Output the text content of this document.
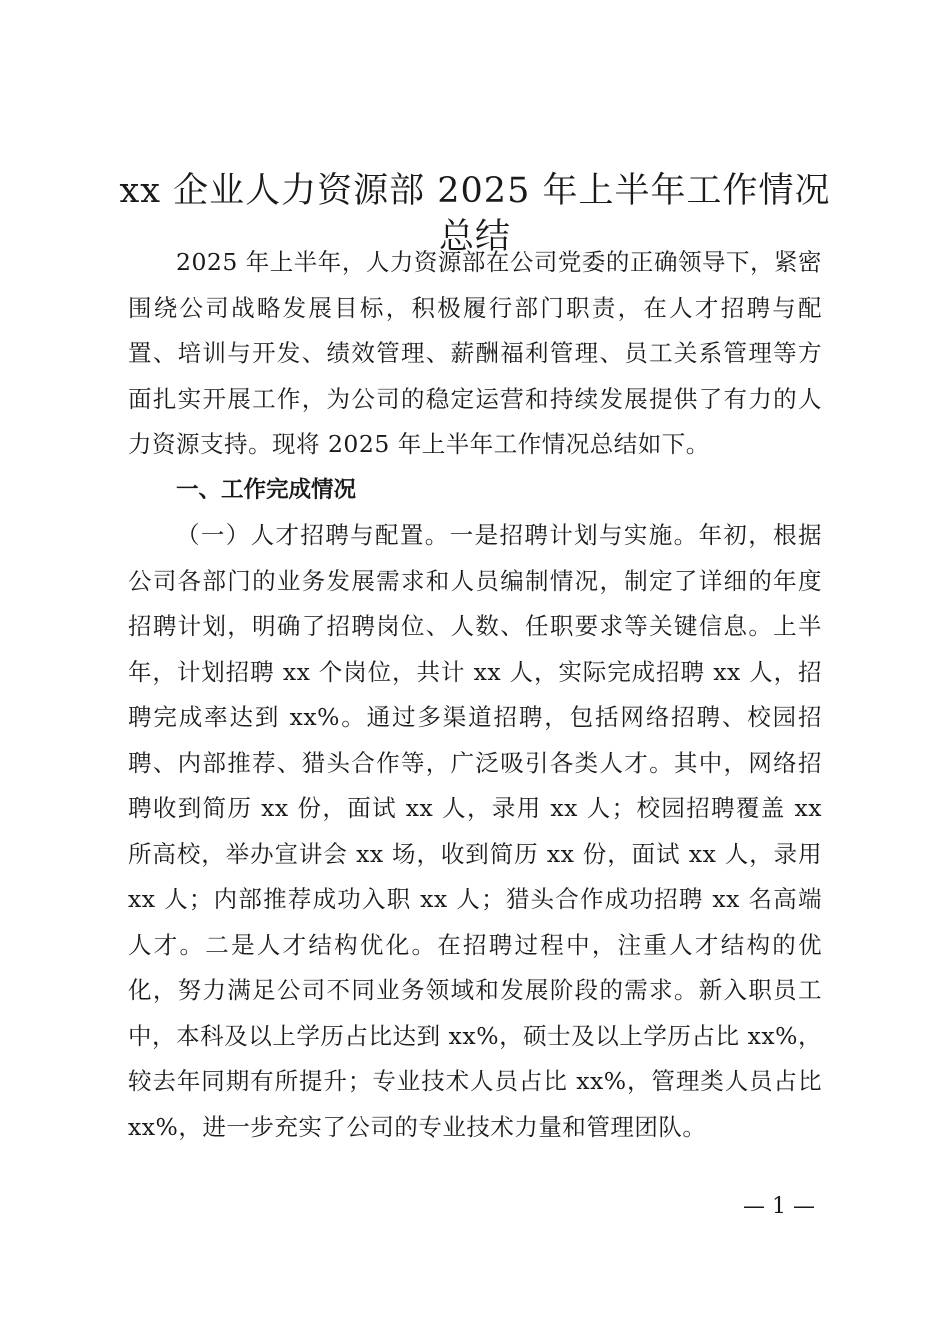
xx 企业人力资源部 2025 年上半年工作情况总结

2025 年上半年，人力资源部在公司党委的正确领导下，紧密围绕公司战略发展目标，积极履行部门职责，在人才招聘与配置、培训与开发、绩效管理、薪酬福利管理、员工关系管理等方面扎实开展工作，为公司的稳定运营和持续发展提供了有力的人力资源支持。现将 2025 年上半年工作情况总结如下。

一、工作完成情况

（一）人才招聘与配置。一是招聘计划与实施。年初，根据公司各部门的业务发展需求和人员编制情况，制定了详细的年度招聘计划，明确了招聘岗位、人数、任职要求等关键信息。上半年，计划招聘 xx 个岗位，共计 xx 人，实际完成招聘 xx 人，招聘完成率达到 xx%。通过多渠道招聘，包括网络招聘、校园招聘、内部推荐、猎头合作等，广泛吸引各类人才。其中，网络招聘收到简历 xx 份，面试 xx 人，录用 xx 人；校园招聘覆盖 xx 所高校，举办宣讲会 xx 场，收到简历 xx 份，面试 xx 人，录用 xx 人；内部推荐成功入职 xx 人；猎头合作成功招聘 xx 名高端人才。二是人才结构优化。在招聘过程中，注重人才结构的优化，努力满足公司不同业务领域和发展阶段的需求。新入职员工中，本科及以上学历占比达到 xx%，硕士及以上学历占比 xx%，较去年同期有所提升；专业技术人员占比 xx%，管理类人员占比 xx%，进一步充实了公司的专业技术力量和管理团队。

— 1 —
